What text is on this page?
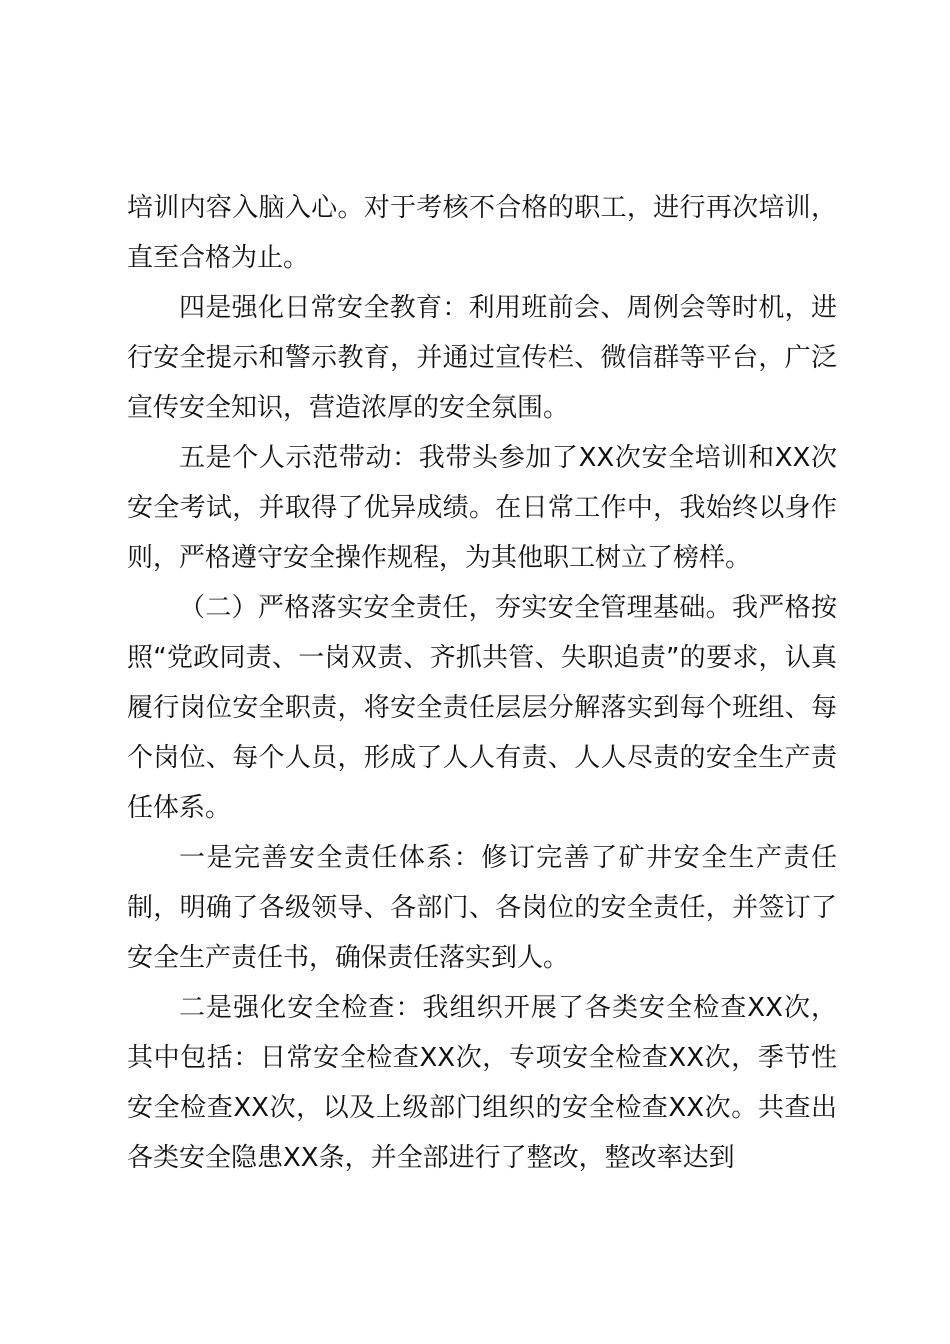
培训内容入脑入心。对于考核不合格的职工，进行再次培训，直至合格为止。

四是强化日常安全教育：利用班前会、周例会等时机，进行安全提示和警示教育，并通过宣传栏、微信群等平台，广泛宣传安全知识，营造浓厚的安全氛围。

五是个人示范带动：我带头参加了XX次安全培训和XX次安全考试，并取得了优异成绩。在日常工作中，我始终以身作则，严格遵守安全操作规程，为其他职工树立了榜样。

（二）严格落实安全责任，夯实安全管理基础。我严格按照“党政同责、一岗双责、齐抓共管、失职追责”的要求，认真履行岗位安全职责，将安全责任层层分解落实到每个班组、每个岗位、每个人员，形成了人人有责、人人尽责的安全生产责任体系。

一是完善安全责任体系：修订完善了矿井安全生产责任制，明确了各级领导、各部门、各岗位的安全责任，并签订了安全生产责任书，确保责任落实到人。

二是强化安全检查：我组织开展了各类安全检查XX次，其中包括：日常安全检查XX次，专项安全检查XX次，季节性安全检查XX次，以及上级部门组织的安全检查XX次。共查出各类安全隐患XX条，并全部进行了整改，整改率达到
